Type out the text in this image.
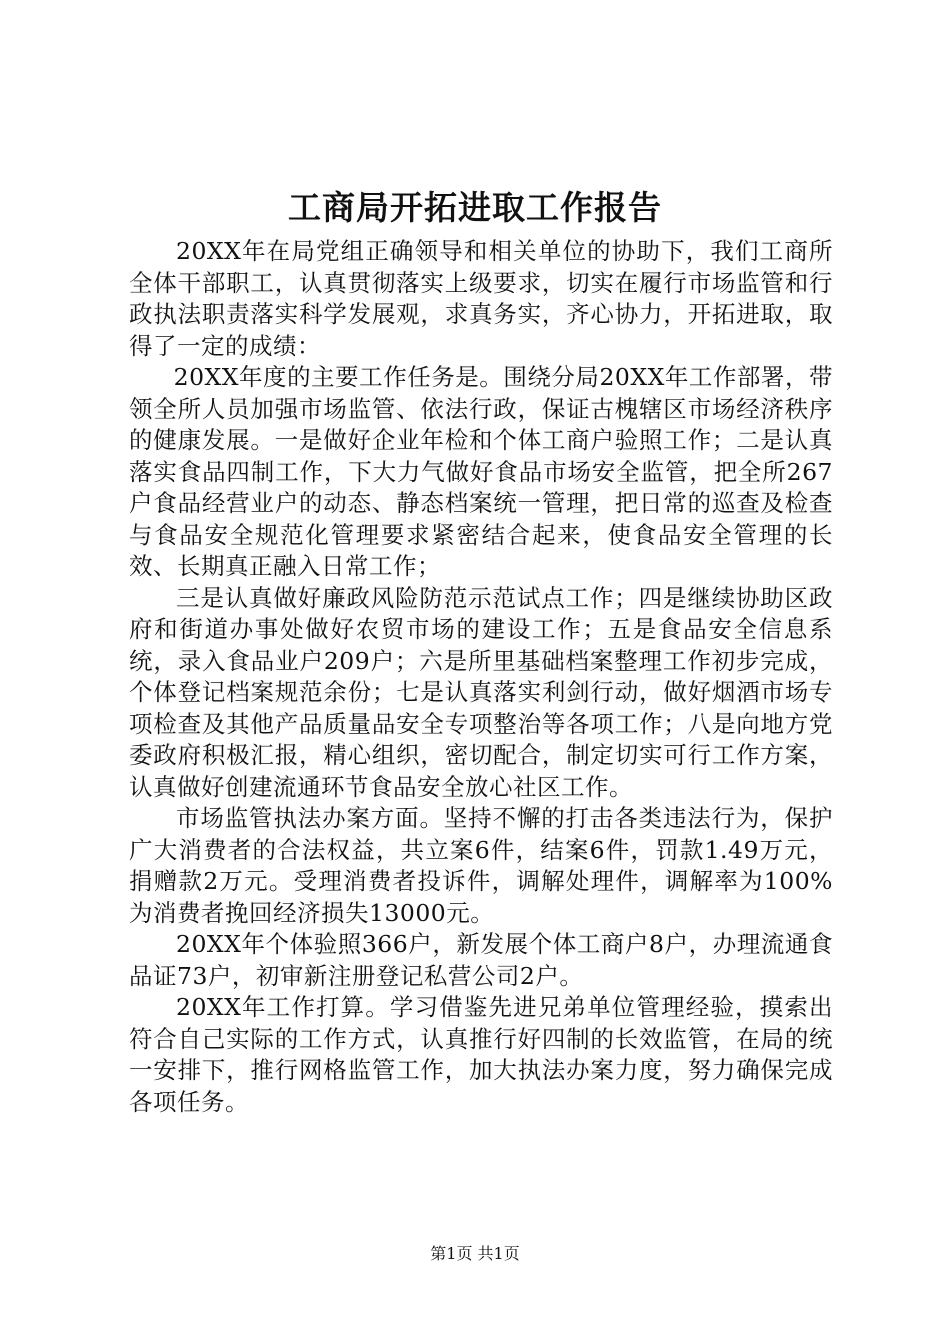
工商局开拓进取工作报告

20XX年在局党组正确领导和相关单位的协助下，我们工商所全体干部职工，认真贯彻落实上级要求，切实在履行市场监管和行政执法职责落实科学发展观，求真务实，齐心协力，开拓进取，取得了一定的成绩：

20XX年度的主要工作任务是。围绕分局20XX年工作部署，带领全所人员加强市场监管、依法行政，保证古槐辖区市场经济秩序的健康发展。一是做好企业年检和个体工商户验照工作；二是认真落实食品四制工作，下大力气做好食品市场安全监管，把全所267户食品经营业户的动态、静态档案统一管理，把日常的巡查及检查与食品安全规范化管理要求紧密结合起来，使食品安全管理的长效、长期真正融入日常工作；

三是认真做好廉政风险防范示范试点工作；四是继续协助区政府和街道办事处做好农贸市场的建设工作；五是食品安全信息系统，录入食品业户209户；六是所里基础档案整理工作初步完成，个体登记档案规范余份；七是认真落实利剑行动，做好烟酒市场专项检查及其他产品质量品安全专项整治等各项工作；八是向地方党委政府积极汇报，精心组织，密切配合，制定切实可行工作方案，认真做好创建流通环节食品安全放心社区工作。

市场监管执法办案方面。坚持不懈的打击各类违法行为，保护广大消费者的合法权益，共立案6件，结案6件，罚款1.49万元，捐赠款2万元。受理消费者投诉件，调解处理件，调解率为100%为消费者挽回经济损失13000元。

20XX年个体验照366户，新发展个体工商户8户，办理流通食品证73户，初审新注册登记私营公司2户。

20XX年工作打算。学习借鉴先进兄弟单位管理经验，摸索出符合自己实际的工作方式，认真推行好四制的长效监管，在局的统一安排下，推行网格监管工作，加大执法办案力度，努力确保完成各项任务。

第1页 共1页
